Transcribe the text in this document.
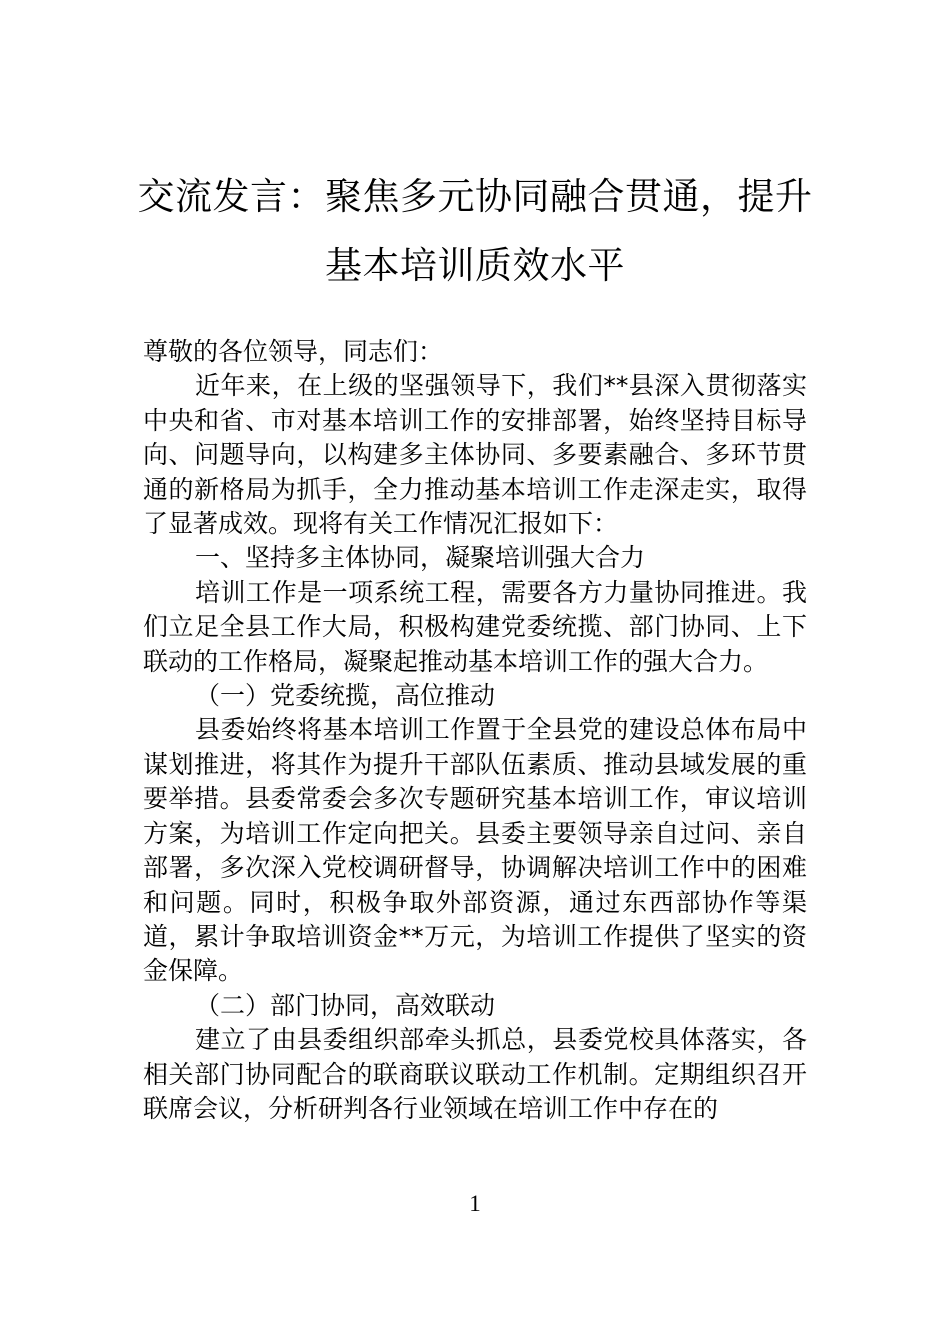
交流发言：聚焦多元协同融合贯通，提升
基本培训质效水平

尊敬的各位领导，同志们：

近年来，在上级的坚强领导下，我们**县深入贯彻落实中央和省、市对基本培训工作的安排部署，始终坚持目标导向、问题导向，以构建多主体协同、多要素融合、多环节贯通的新格局为抓手，全力推动基本培训工作走深走实，取得了显著成效。现将有关工作情况汇报如下：

一、坚持多主体协同，凝聚培训强大合力

培训工作是一项系统工程，需要各方力量协同推进。我们立足全县工作大局，积极构建党委统揽、部门协同、上下联动的工作格局，凝聚起推动基本培训工作的强大合力。

（一）党委统揽，高位推动

县委始终将基本培训工作置于全县党的建设总体布局中谋划推进，将其作为提升干部队伍素质、推动县域发展的重要举措。县委常委会多次专题研究基本培训工作，审议培训方案，为培训工作定向把关。县委主要领导亲自过问、亲自部署，多次深入党校调研督导，协调解决培训工作中的困难和问题。同时，积极争取外部资源，通过东西部协作等渠道，累计争取培训资金**万元，为培训工作提供了坚实的资金保障。

（二）部门协同，高效联动

建立了由县委组织部牵头抓总，县委党校具体落实，各相关部门协同配合的联商联议联动工作机制。定期组织召开联席会议，分析研判各行业领域在培训工作中存在的

1
